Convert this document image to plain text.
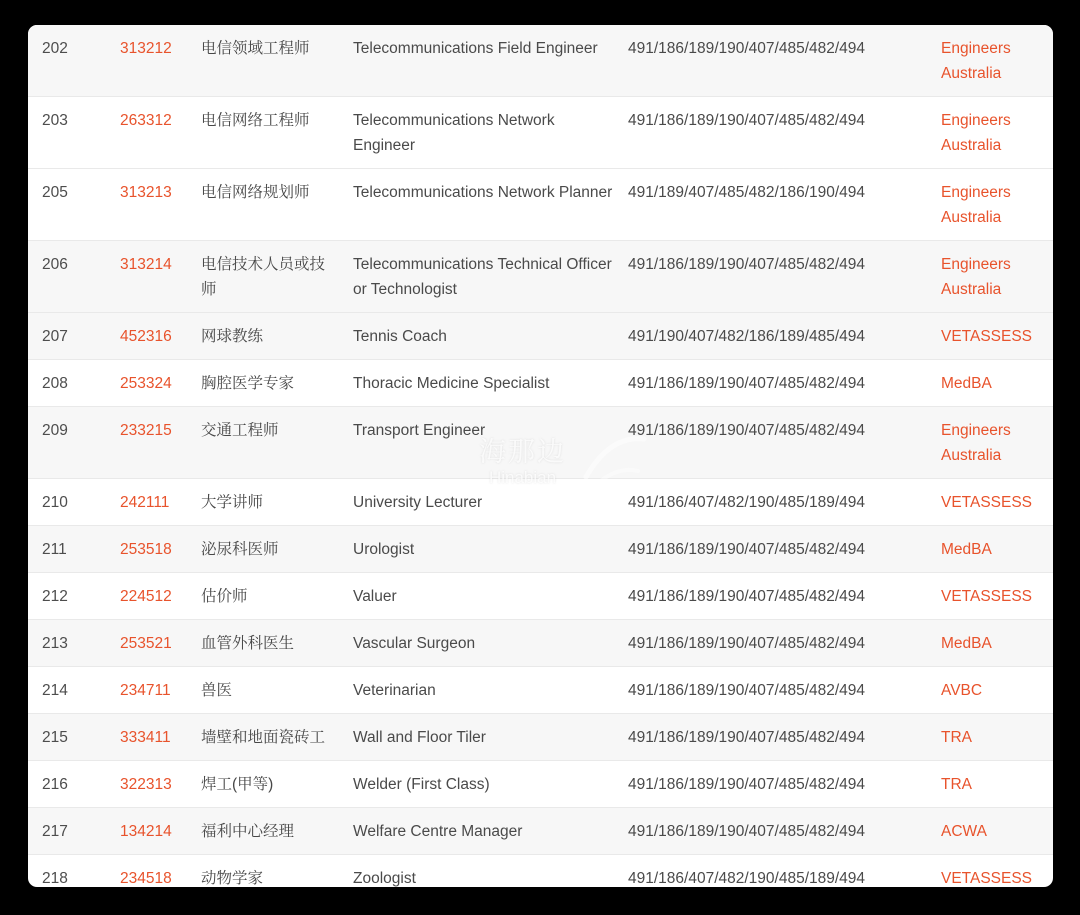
202	313212	电信领域工程师	Telecommunications Field Engineer	491/186/189/190/407/485/482/494	Engineers Australia
203	263312	电信网络工程师	Telecommunications Network Engineer	491/186/189/190/407/485/482/494	Engineers Australia
205	313213	电信网络规划师	Telecommunications Network Planner	491/189/407/485/482/186/190/494	Engineers Australia
206	313214	电信技术人员或技师	Telecommunications Technical Officer or Technologist	491/186/189/190/407/485/482/494	Engineers Australia
207	452316	网球教练	Tennis Coach	491/190/407/482/186/189/485/494	VETASSESS
208	253324	胸腔医学专家	Thoracic Medicine Specialist	491/186/189/190/407/485/482/494	MedBA
209	233215	交通工程师	Transport Engineer	491/186/189/190/407/485/482/494	Engineers Australia
210	242111	大学讲师	University Lecturer	491/186/407/482/190/485/189/494	VETASSESS
211	253518	泌尿科医师	Urologist	491/186/189/190/407/485/482/494	MedBA
212	224512	估价师	Valuer	491/186/189/190/407/485/482/494	VETASSESS
213	253521	血管外科医生	Vascular Surgeon	491/186/189/190/407/485/482/494	MedBA
214	234711	兽医	Veterinarian	491/186/189/190/407/485/482/494	AVBC
215	333411	墙壁和地面瓷砖工	Wall and Floor Tiler	491/186/189/190/407/485/482/494	TRA
216	322313	焊工(甲等)	Welder (First Class)	491/186/189/190/407/485/482/494	TRA
217	134214	福利中心经理	Welfare Centre Manager	491/186/189/190/407/485/482/494	ACWA
218	234518	动物学家	Zoologist	491/186/407/482/190/485/189/494	VETASSESS
海那边
Hinabian
